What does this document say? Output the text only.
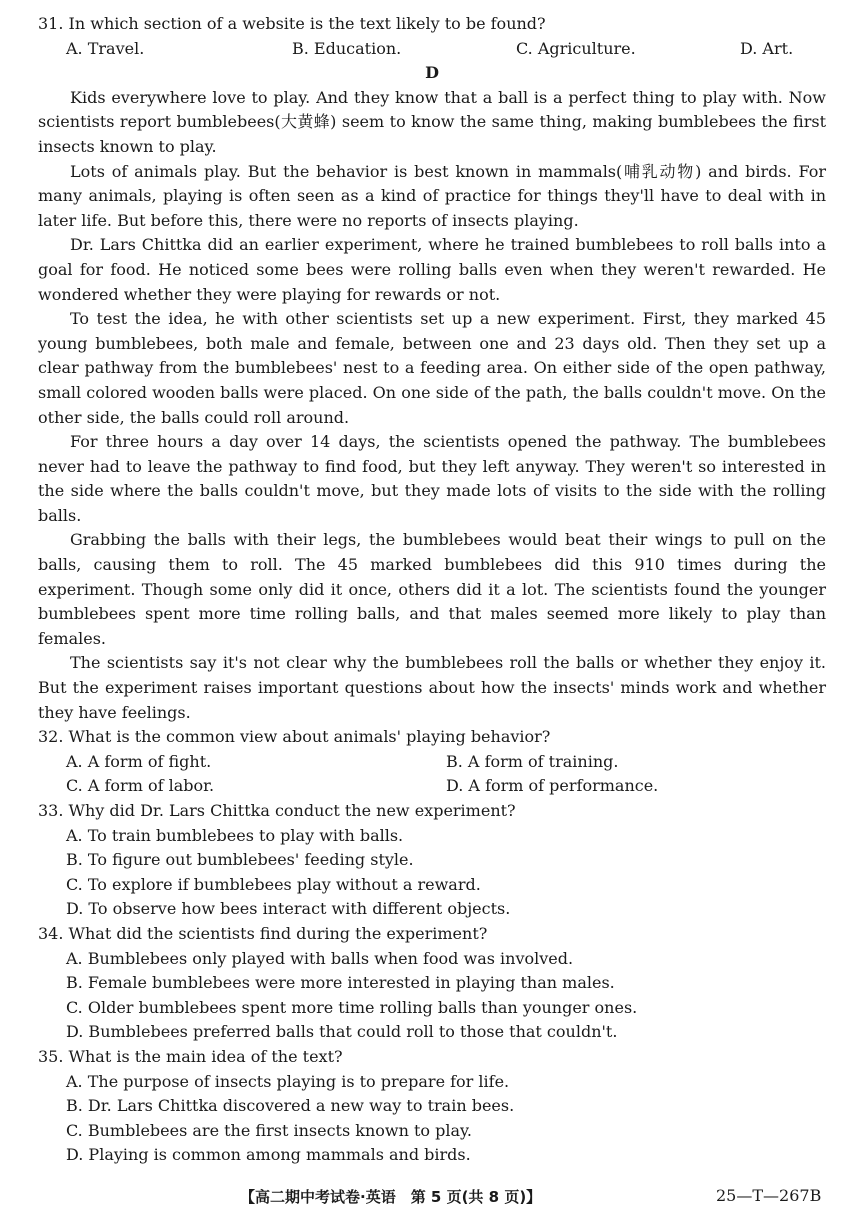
31. In which section of a website is the text likely to be found?
A. Travel.	B. Education.	C. Agriculture.	D. Art.
D

Kids everywhere love to play. And they know that a ball is a perfect thing to play with. Now scientists report bumblebees(大黄蜂) seem to know the same thing, making bumblebees the first insects known to play.

Lots of animals play. But the behavior is best known in mammals(哺乳动物) and birds. For many animals, playing is often seen as a kind of practice for things they'll have to deal with in later life. But before this, there were no reports of insects playing.

Dr. Lars Chittka did an earlier experiment, where he trained bumblebees to roll balls into a goal for food. He noticed some bees were rolling balls even when they weren't rewarded. He wondered whether they were playing for rewards or not.

To test the idea, he with other scientists set up a new experiment. First, they marked 45 young bumblebees, both male and female, between one and 23 days old. Then they set up a clear pathway from the bumblebees' nest to a feeding area. On either side of the open pathway, small colored wooden balls were placed. On one side of the path, the balls couldn't move. On the other side, the balls could roll around.

For three hours a day over 14 days, the scientists opened the pathway. The bumblebees never had to leave the pathway to find food, but they left anyway. They weren't so interested in the side where the balls couldn't move, but they made lots of visits to the side with the rolling balls.

Grabbing the balls with their legs, the bumblebees would beat their wings to pull on the balls, causing them to roll. The 45 marked bumblebees did this 910 times during the experiment. Though some only did it once, others did it a lot. The scientists found the younger bumblebees spent more time rolling balls, and that males seemed more likely to play than females.

The scientists say it's not clear why the bumblebees roll the balls or whether they enjoy it. But the experiment raises important questions about how the insects' minds work and whether they have feelings.

32. What is the common view about animals' playing behavior?
A. A form of fight.	B. A form of training.
C. A form of labor.	D. A form of performance.
33. Why did Dr. Lars Chittka conduct the new experiment?
A. To train bumblebees to play with balls.
B. To figure out bumblebees' feeding style.
C. To explore if bumblebees play without a reward.
D. To observe how bees interact with different objects.
34. What did the scientists find during the experiment?
A. Bumblebees only played with balls when food was involved.
B. Female bumblebees were more interested in playing than males.
C. Older bumblebees spent more time rolling balls than younger ones.
D. Bumblebees preferred balls that could roll to those that couldn't.
35. What is the main idea of the text?
A. The purpose of insects playing is to prepare for life.
B. Dr. Lars Chittka discovered a new way to train bees.
C. Bumblebees are the first insects known to play.
D. Playing is common among mammals and birds.
【高二期中考试卷·英语　第 5 页(共 8 页)】	25—T—267B
